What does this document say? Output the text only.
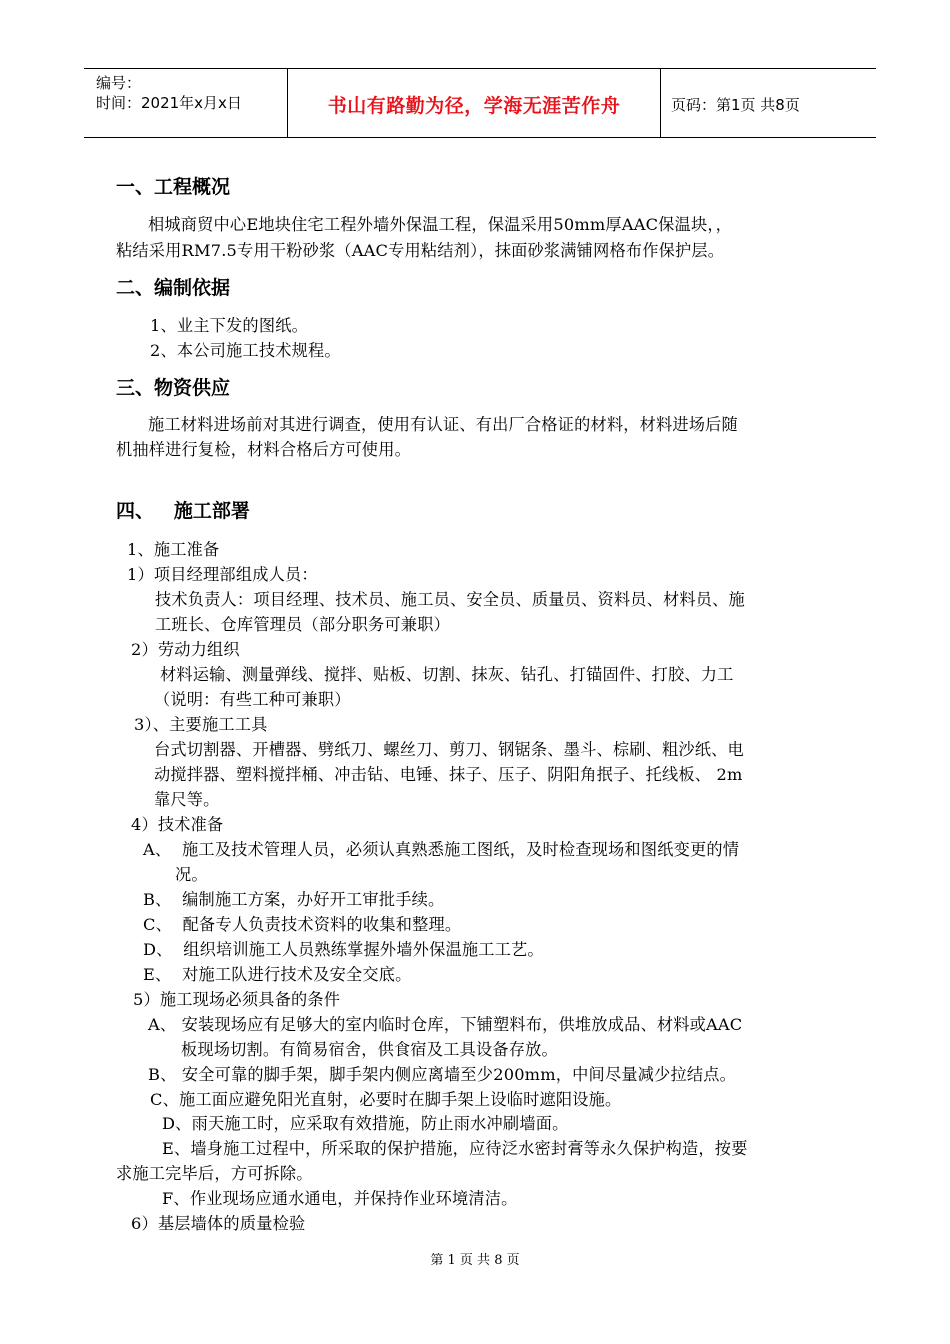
编号：
时间：2021年x月x日	书山有路勤为径，学海无涯苦作舟	页码：第1页 共8页
一、工程概况
相城商贸中心E地块住宅工程外墙外保温工程，保温采用50mm厚AAC保温块，，
粘结采用RM7.5专用干粉砂浆（AAC专用粘结剂），抹面砂浆满铺网格布作保护层。
二、编制依据
1、业主下发的图纸。
2、本公司施工技术规程。
三、物资供应
施工材料进场前对其进行调查，使用有认证、有出厂合格证的材料，材料进场后随
机抽样进行复检，材料合格后方可使用。
四、   施工部署
1、施工准备
1）项目经理部组成人员：
技术负责人：项目经理、技术员、施工员、安全员、质量员、资料员、材料员、施
工班长、仓库管理员（部分职务可兼职）
2）劳动力组织
材料运输、测量弹线、搅拌、贴板、切割、抹灰、钻孔、打锚固件、打胶、力工
（说明：有些工种可兼职）
3）、主要施工工具
台式切割器、开槽器、劈纸刀、螺丝刀、剪刀、钢锯条、墨斗、棕刷、粗沙纸、电
动搅拌器、塑料搅拌桶、冲击钻、电锤、抹子、压子、阴阳角抿子、托线板、 2m
靠尺等。
4）技术准备
A、  施工及技术管理人员，必须认真熟悉施工图纸，及时检查现场和图纸变更的情
况。
B、  编制施工方案，办好开工审批手续。
C、  配备专人负责技术资料的收集和整理。
D、  组织培训施工人员熟练掌握外墙外保温施工工艺。
E、  对施工队进行技术及安全交底。
5）施工现场必须具备的条件
A、 安装现场应有足够大的室内临时仓库，下铺塑料布，供堆放成品、材料或AAC
板现场切割。有简易宿舍，供食宿及工具设备存放。
B、 安全可靠的脚手架，脚手架内侧应离墙至少200mm，中间尽量减少拉结点。
C、施工面应避免阳光直射，必要时在脚手架上设临时遮阳设施。
D、雨天施工时，应采取有效措施，防止雨水冲刷墙面。
E、墙身施工过程中，所采取的保护措施，应待泛水密封膏等永久保护构造，按要
求施工完毕后，方可拆除。
F、作业现场应通水通电，并保持作业环境清洁。
6）基层墙体的质量检验
第 1 页 共 8 页
